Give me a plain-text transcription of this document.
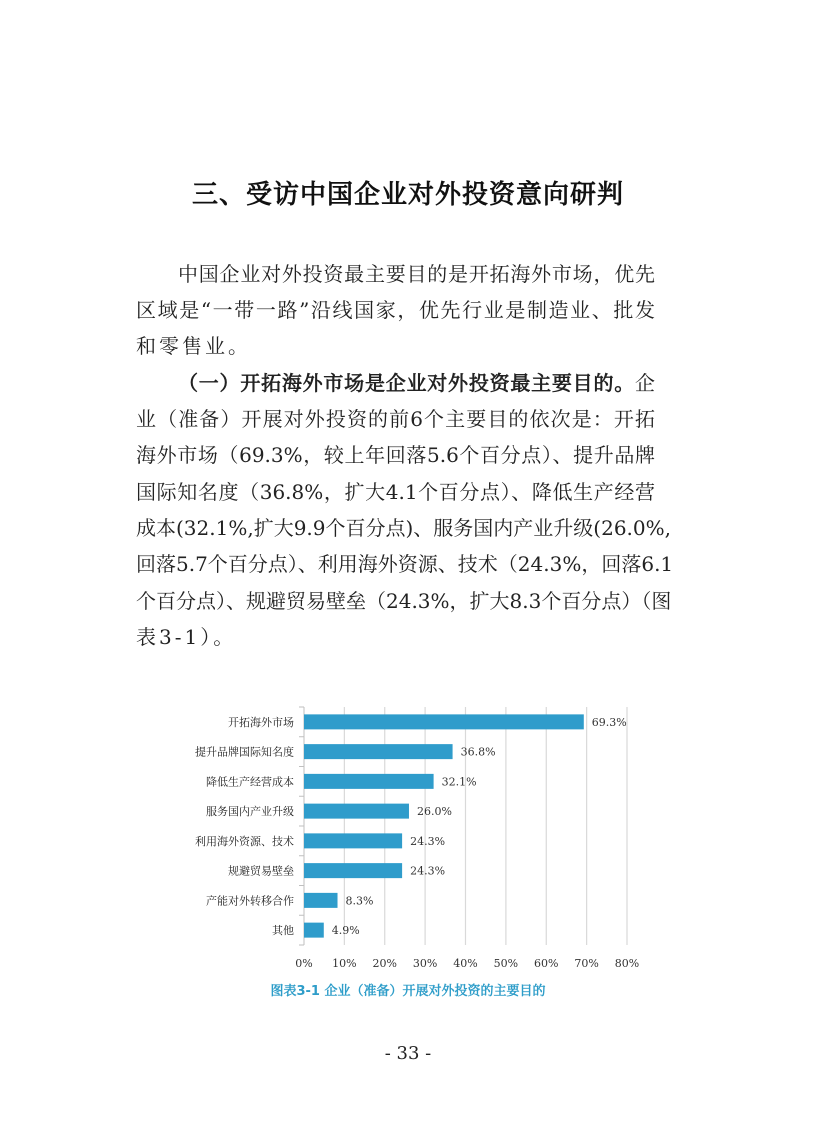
三、受访中国企业对外投资意向研判
中国企业对外投资最主要目的是开拓海外市场，优先
区域是“一带一路”沿线国家，优先行业是制造业、批发
和零售业。
（一）开拓海外市场是企业对外投资最主要目的。企
业（准备）开展对外投资的前6个主要目的依次是：开拓
海外市场（69.3%，较上年回落5.6个百分点）、提升品牌
国际知名度（36.8%，扩大4.1个百分点）、降低生产经营
成本(32.1%,扩大9.9个百分点)、服务国内产业升级(26.0%,
回落5.7个百分点）、利用海外资源、技术（24.3%，回落6.1
个百分点）、规避贸易壁垒（24.3%，扩大8.3个百分点）（图
表3-1）。
0% 10% 20% 30% 40% 50% 60% 70% 80%
69.3%
开拓海外市场
36.8%
提升品牌国际知名度
32.1%
降低生产经营成本
26.0%
服务国内产业升级
24.3%
利用海外资源、技术
24.3%
规避贸易壁垒
8.3%
产能对外转移合作
4.9%
其他
图表3-1 企业（准备）开展对外投资的主要目的
- 33 -
